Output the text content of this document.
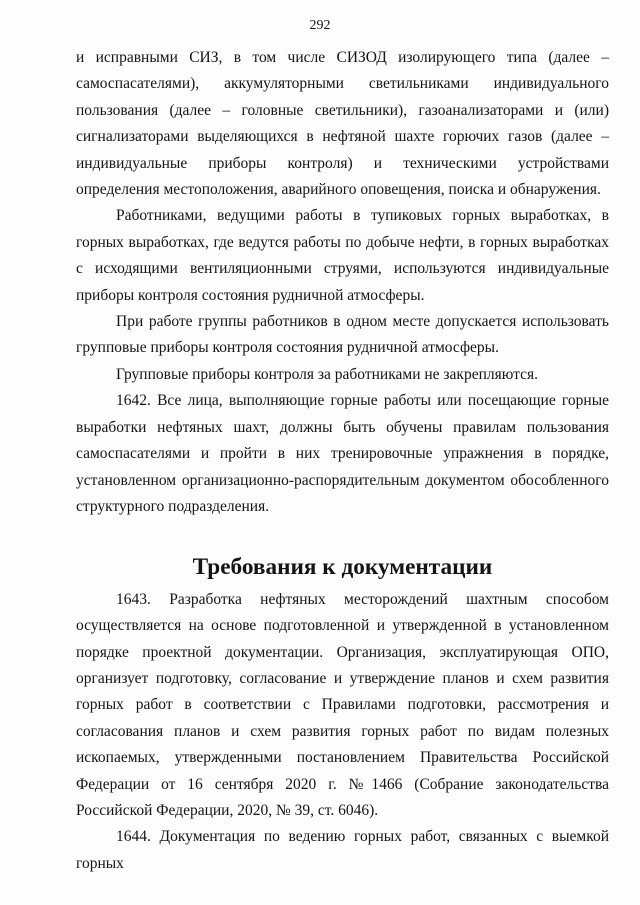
292

и исправными СИЗ, в том числе СИЗОД изолирующего типа (далее – самоспасателями), аккумуляторными светильниками индивидуального пользования (далее – головные светильники), газоанализаторами и (или) сигнализаторами выделяющихся в нефтяной шахте горючих газов (далее – индивидуальные приборы контроля) и техническими устройствами определения местоположения, аварийного оповещения, поиска и обнаружения.

Работниками, ведущими работы в тупиковых горных выработках, в горных выработках, где ведутся работы по добыче нефти, в горных выработках с исходящими вентиляционными струями, используются индивидуальные приборы контроля состояния рудничной атмосферы.

При работе группы работников в одном месте допускается использовать групповые приборы контроля состояния рудничной атмосферы.

Групповые приборы контроля за работниками не закрепляются.

1642. Все лица, выполняющие горные работы или посещающие горные выработки нефтяных шахт, должны быть обучены правилам пользования самоспасателями и пройти в них тренировочные упражнения в порядке, установленном организационно-распорядительным документом обособленного структурного подразделения.

Требования к документации

1643. Разработка нефтяных месторождений шахтным способом осуществляется на основе подготовленной и утвержденной в установленном порядке проектной документации. Организация, эксплуатирующая ОПО, организует подготовку, согласование и утверждение планов и схем развития горных работ в соответствии с Правилами подготовки, рассмотрения и согласования планов и схем развития горных работ по видам полезных ископаемых, утвержденными постановлением Правительства Российской Федерации от 16 сентября 2020 г. №1466 (Собрание законодательства Российской Федерации, 2020, № 39, ст. 6046).

1644. Документация по ведению горных работ, связанных с выемкой горных
